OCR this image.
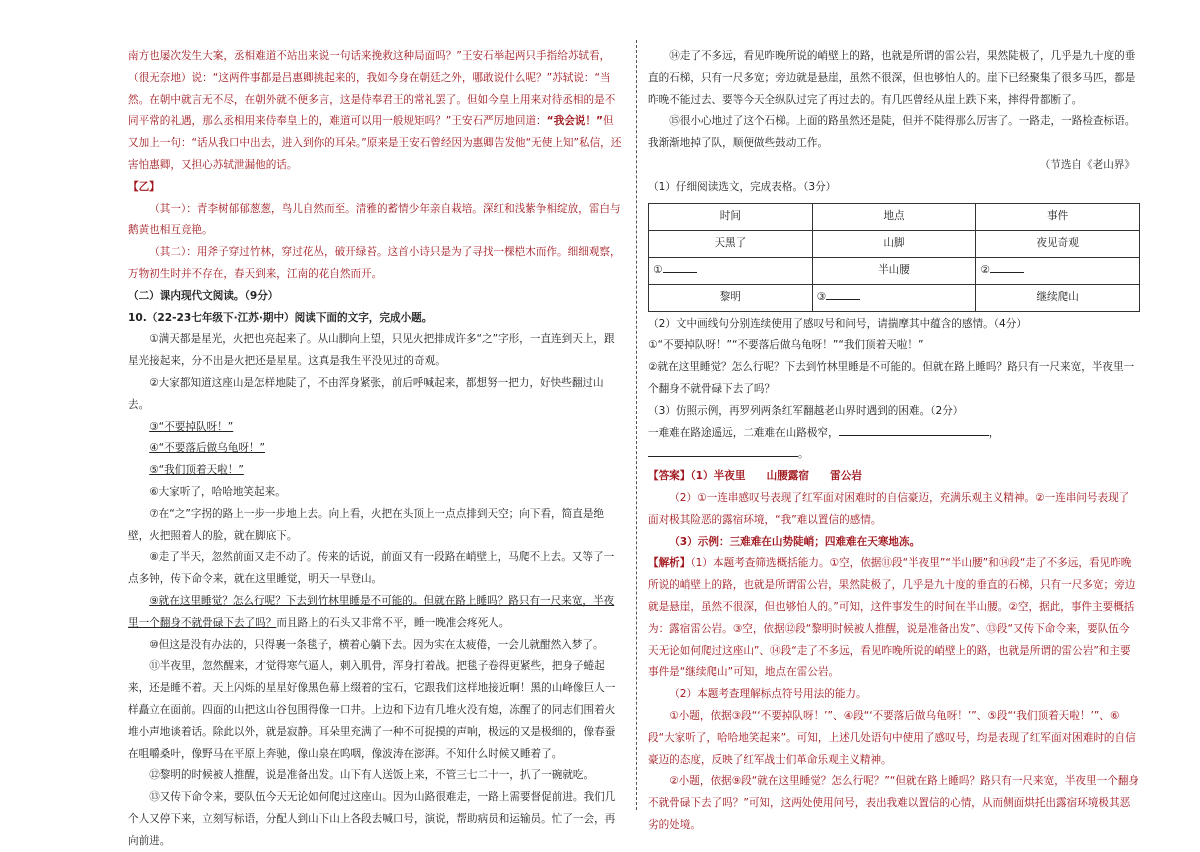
南方也屡次发生大案，丞相难道不站出来说一句话来挽救这种局面吗？”王安石举起两只手指给苏轼看，（很无奈地）说：“这两件事都是吕惠卿挑起来的，我如今身在朝廷之外，哪敢说什么呢？”苏轼说：“当然。在朝中就言无不尽，在朝外就不便多言，这是侍奉君王的常礼罢了。但如今皇上用来对待丞相的是不同平常的礼遇，那么丞相用来侍奉皇上的，难道可以用一般规矩吗？”王安石严厉地回道：“我会说！”但又加上一句：“话从我口中出去，进入到你的耳朵。”原来是王安石曾经因为惠卿告发他“无使上知”私信，还害怕惠卿，又担心苏轼泄漏他的话。

【乙】

（其一）：青李树郁郁葱葱，鸟儿自然而至。清雅的蓄情少年亲自栽培。深红和浅紫争相绽放，雷白与鹅黄也相互竞艳。

（其二）：用斧子穿过竹林，穿过花丛，破开绿苔。这首小诗只是为了寻找一棵桤木而作。细细观察，万物初生时并不存在，春天到来，江南的花自然而开。

（二）课内现代文阅读。（9分）

10.（22-23七年级下·江苏·期中）阅读下面的文字，完成小题。

①满天都是星光，火把也亮起来了。从山脚向上望，只见火把排成许多“之”字形，一直连到天上，跟星光接起来，分不出是火把还是星星。这真是我生平没见过的奇观。

②大家都知道这座山是怎样地陡了，不由浑身紧张，前后呼喊起来，都想努一把力，好快些翻过山去。

③“不要掉队呀！”

④“不要落后做乌龟呀！”

⑤“我们顶着天啦！”

⑥大家听了，哈哈地笑起来。

⑦在“之”字拐的路上一步一步地上去。向上看，火把在头顶上一点点排到天空；向下看，简直是绝壁，火把照着人的脸，就在脚底下。

⑧走了半天，忽然前面又走不动了。传来的话说，前面又有一段路在峭壁上，马爬不上去。又等了一点多钟，传下命令来，就在这里睡觉，明天一早登山。

⑨就在这里睡觉？怎么行呢？下去到竹林里睡是不可能的。但就在路上睡吗？路只有一尺来宽，半夜里一个翻身不就骨碌下去了吗？而且路上的石头又非常不平，睡一晚准会疼死人。

⑩但这是没有办法的，只得裹一条毯子，横着心躺下去。因为实在太疲倦，一会儿就酣然入梦了。

⑪半夜里，忽然醒来，才觉得寒气逼人，刺入肌骨，浑身打着战。把毯子卷得更紧些，把身子蜷起来，还是睡不着。天上闪烁的星星好像黑色幕上缀着的宝石，它跟我们这样地接近啊！黑的山峰像巨人一样矗立在面前。四面的山把这山谷包围得像一口井。上边和下边有几堆火没有熄，冻醒了的同志们围着火堆小声地谈着话。除此以外，就是寂静。耳朵里充满了一种不可捉摸的声响，极远的又是极细的，像春蚕在咀嚼桑叶，像野马在平原上奔驰，像山泉在呜咽，像波涛在澎湃。不知什么时候又睡着了。

⑫黎明的时候被人推醒，说是准备出发。山下有人送饭上来，不管三七二十一，扒了一碗就吃。

⑬又传下命令来，要队伍今天无论如何爬过这座山。因为山路很难走，一路上需要督促前进。我们几个人又停下来，立刻写标语，分配人到山下山上各段去喊口号，演说，帮助病员和运输员。忙了一会，再向前进。

⑭走了不多远，看见昨晚所说的峭壁上的路，也就是所谓的雷公岩，果然陡极了，几乎是九十度的垂直的石梯，只有一尺多宽；旁边就是悬崖，虽然不很深，但也够怕人的。崖下已经聚集了很多马匹，都是昨晚不能过去、要等今天全纵队过完了再过去的。有几匹曾经从崖上跌下来，摔得骨都断了。

⑮很小心地过了这个石梯。上面的路虽然还是陡，但并不陡得那么厉害了。一路走，一路检查标语。我渐渐地掉了队，顺便做些鼓动工作。

（节选自《老山界》

（1）仔细阅读选文，完成表格。（3分）

时间	地点	事件
天黑了	山脚	夜见奇观
①	半山腰	②
黎明	③	继续爬山

（2）文中画线句分别连续使用了感叹号和问号，请揣摩其中蕴含的感情。（4分）

①“不要掉队呀！”“不要落后做乌龟呀！”“我们顶着天啦！”

②就在这里睡觉？怎么行呢？下去到竹林里睡是不可能的。但就在路上睡吗？路只有一尺来宽，半夜里一个翻身不就骨碌下去了吗？

（3）仿照示例，再罗列两条红军翻越老山界时遇到的困难。（2分）

一难难在路途遥远，二难难在山路极窄，	，。

【答案】（1）半夜里　　山腰露宿　　雷公岩

（2）①一连串感叹号表现了红军面对困难时的自信豪迈，充满乐观主义精神。②一连串问号表现了面对极其险恶的露宿环境，“我”难以置信的感情。

（3）示例：三难难在山势陡峭；四难难在天寒地冻。

【解析】（1）本题考查筛选概括能力。①空，依据⑪段“半夜里”“半山腰”和⑭段“走了不多远，看见昨晚所说的峭壁上的路，也就是所谓雷公岩，果然陡极了，几乎是九十度的垂直的石梯，只有一尺多宽；旁边就是悬崖，虽然不很深，但也够怕人的。”可知，这件事发生的时间在半山腰。②空，据此，事件主要概括为：露宿雷公岩。③空，依据⑫段“黎明时候被人推醒，说是准备出发”、⑬段“又传下命令来，要队伍今天无论如何爬过这座山”、⑭段“走了不多远，看见昨晚所说的峭壁上的路，也就是所谓的雷公岩”和主要事件是“继续爬山”可知，地点在雷公岩。

（2）本题考查理解标点符号用法的能力。

①小题，依据③段“‘不要掉队呀！’”、④段“‘不要落后做乌龟呀！’”、⑤段“‘我们顶着天啦！’”、⑥段“大家听了，哈哈地笑起来”。可知，上述几处语句中使用了感叹号，均是表现了红军面对困难时的自信豪迈的态度，反映了红军战士们革命乐观主义精神。

②小题，依据⑨段“就在这里睡觉？怎么行呢？”“但就在路上睡吗？路只有一尺来宽，半夜里一个翻身不就骨碌下去了吗？”可知，这两处使用问号，表出我难以置信的心情，从而侧面烘托出露宿环境极其恶劣的处境。
